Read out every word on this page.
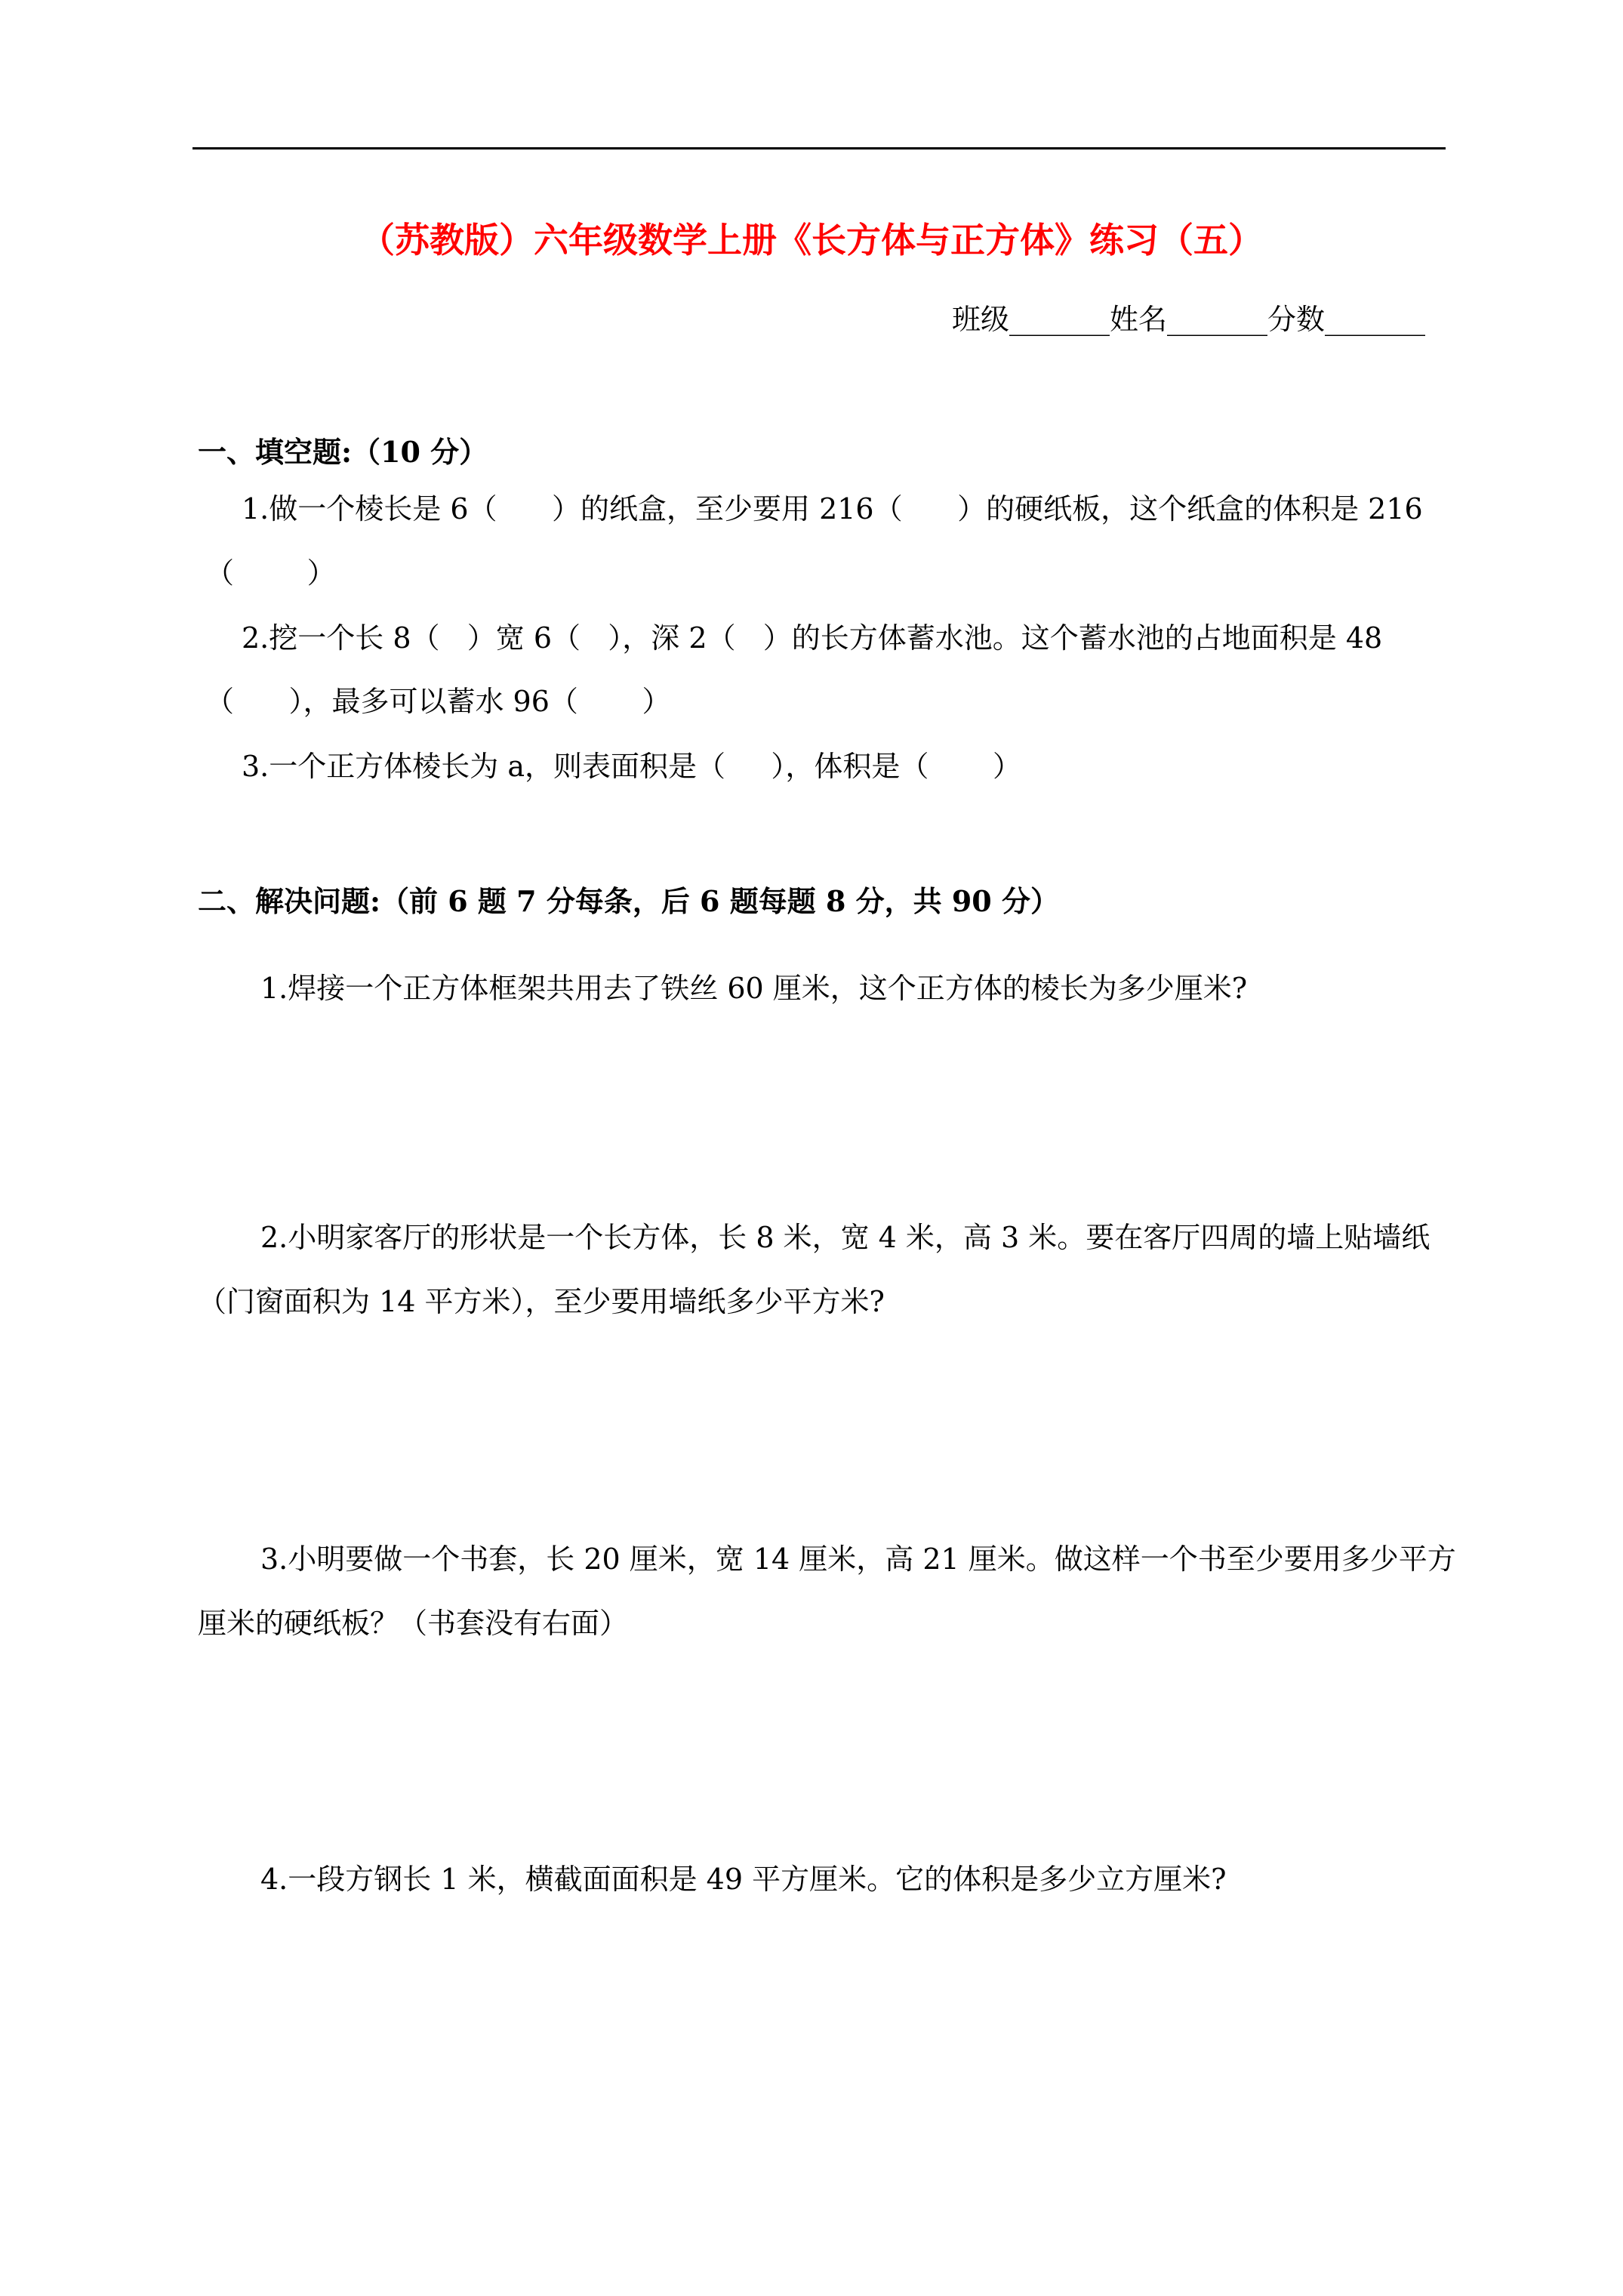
（苏教版）六年级数学上册《长方体与正方体》练习（五）
班级_______姓名_______分数_______
一、填空题:（10 分）
1.做一个棱长是 6（      ）的纸盒，至少要用 216（      ）的硬纸板，这个纸盒的体积是 216
（        ）
2.挖一个长 8（   ）宽 6（   ），深 2（   ）的长方体蓄水池。这个蓄水池的占地面积是 48
（      ），最多可以蓄水 96（       ）
3.一个正方体棱长为 a，则表面积是（     ），体积是（       ）
二、解决问题:（前 6 题 7 分每条，后 6 题每题 8 分，共 90 分）
1.焊接一个正方体框架共用去了铁丝 60 厘米，这个正方体的棱长为多少厘米?
2.小明家客厅的形状是一个长方体，长 8 米，宽 4 米，高 3 米。要在客厅四周的墙上贴墙纸
（门窗面积为 14 平方米），至少要用墙纸多少平方米?
3.小明要做一个书套，长 20 厘米，宽 14 厘米，高 21 厘米。做这样一个书至少要用多少平方
厘米的硬纸板？（书套没有右面）
4.一段方钢长 1 米，横截面面积是 49 平方厘米。它的体积是多少立方厘米?
